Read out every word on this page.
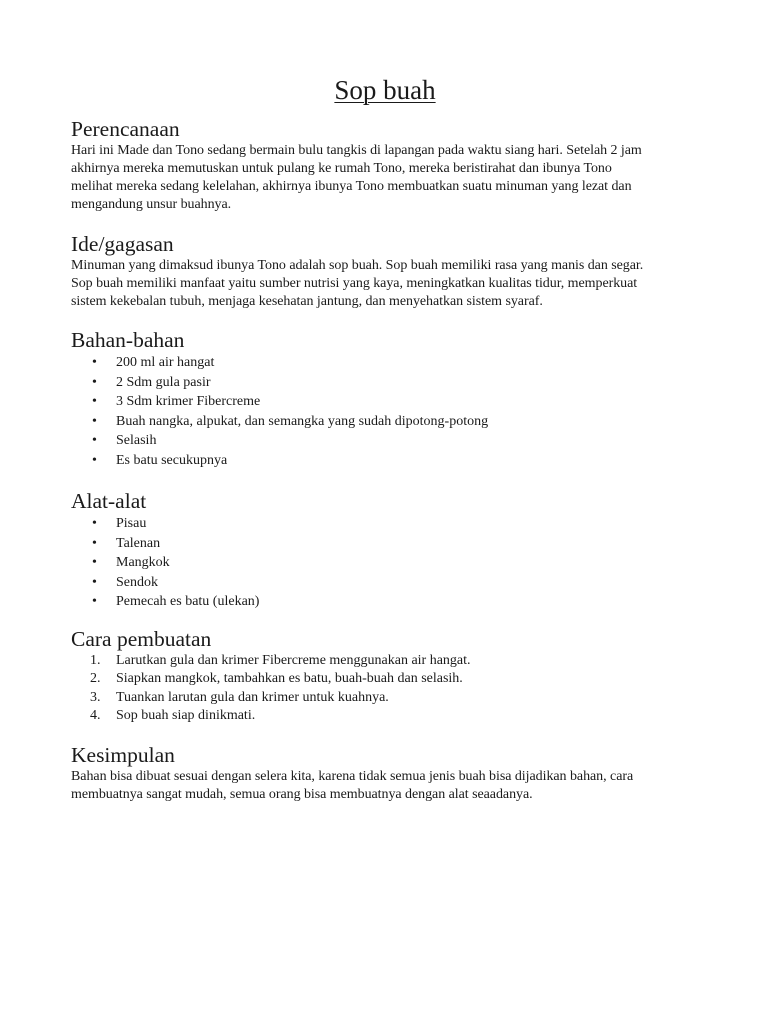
Sop buah
Perencanaan
Hari ini Made dan Tono sedang bermain bulu tangkis di lapangan pada waktu siang hari. Setelah 2 jam
akhirnya mereka memutuskan untuk pulang ke rumah Tono, mereka beristirahat dan ibunya Tono
melihat mereka sedang kelelahan, akhirnya ibunya Tono membuatkan suatu minuman yang lezat dan
mengandung unsur buahnya.
Ide/gagasan
Minuman yang dimaksud ibunya Tono adalah sop buah. Sop buah memiliki rasa yang manis dan segar.
Sop buah memiliki manfaat yaitu sumber nutrisi yang kaya, meningkatkan kualitas tidur, memperkuat
sistem kekebalan tubuh, menjaga kesehatan jantung, dan menyehatkan sistem syaraf.
Bahan-bahan
• 200 ml air hangat
• 2 Sdm gula pasir
• 3 Sdm krimer Fibercreme
• Buah nangka, alpukat, dan semangka yang sudah dipotong-potong
• Selasih
• Es batu secukupnya
Alat-alat
• Pisau
• Talenan
• Mangkok
• Sendok
• Pemecah es batu (ulekan)
Cara pembuatan
1. Larutkan gula dan krimer Fibercreme menggunakan air hangat.
2. Siapkan mangkok, tambahkan es batu, buah-buah dan selasih.
3. Tuankan larutan gula dan krimer untuk kuahnya.
4. Sop buah siap dinikmati.
Kesimpulan
Bahan bisa dibuat sesuai dengan selera kita, karena tidak semua jenis buah bisa dijadikan bahan, cara
membuatnya sangat mudah, semua orang bisa membuatnya dengan alat seaadanya.
